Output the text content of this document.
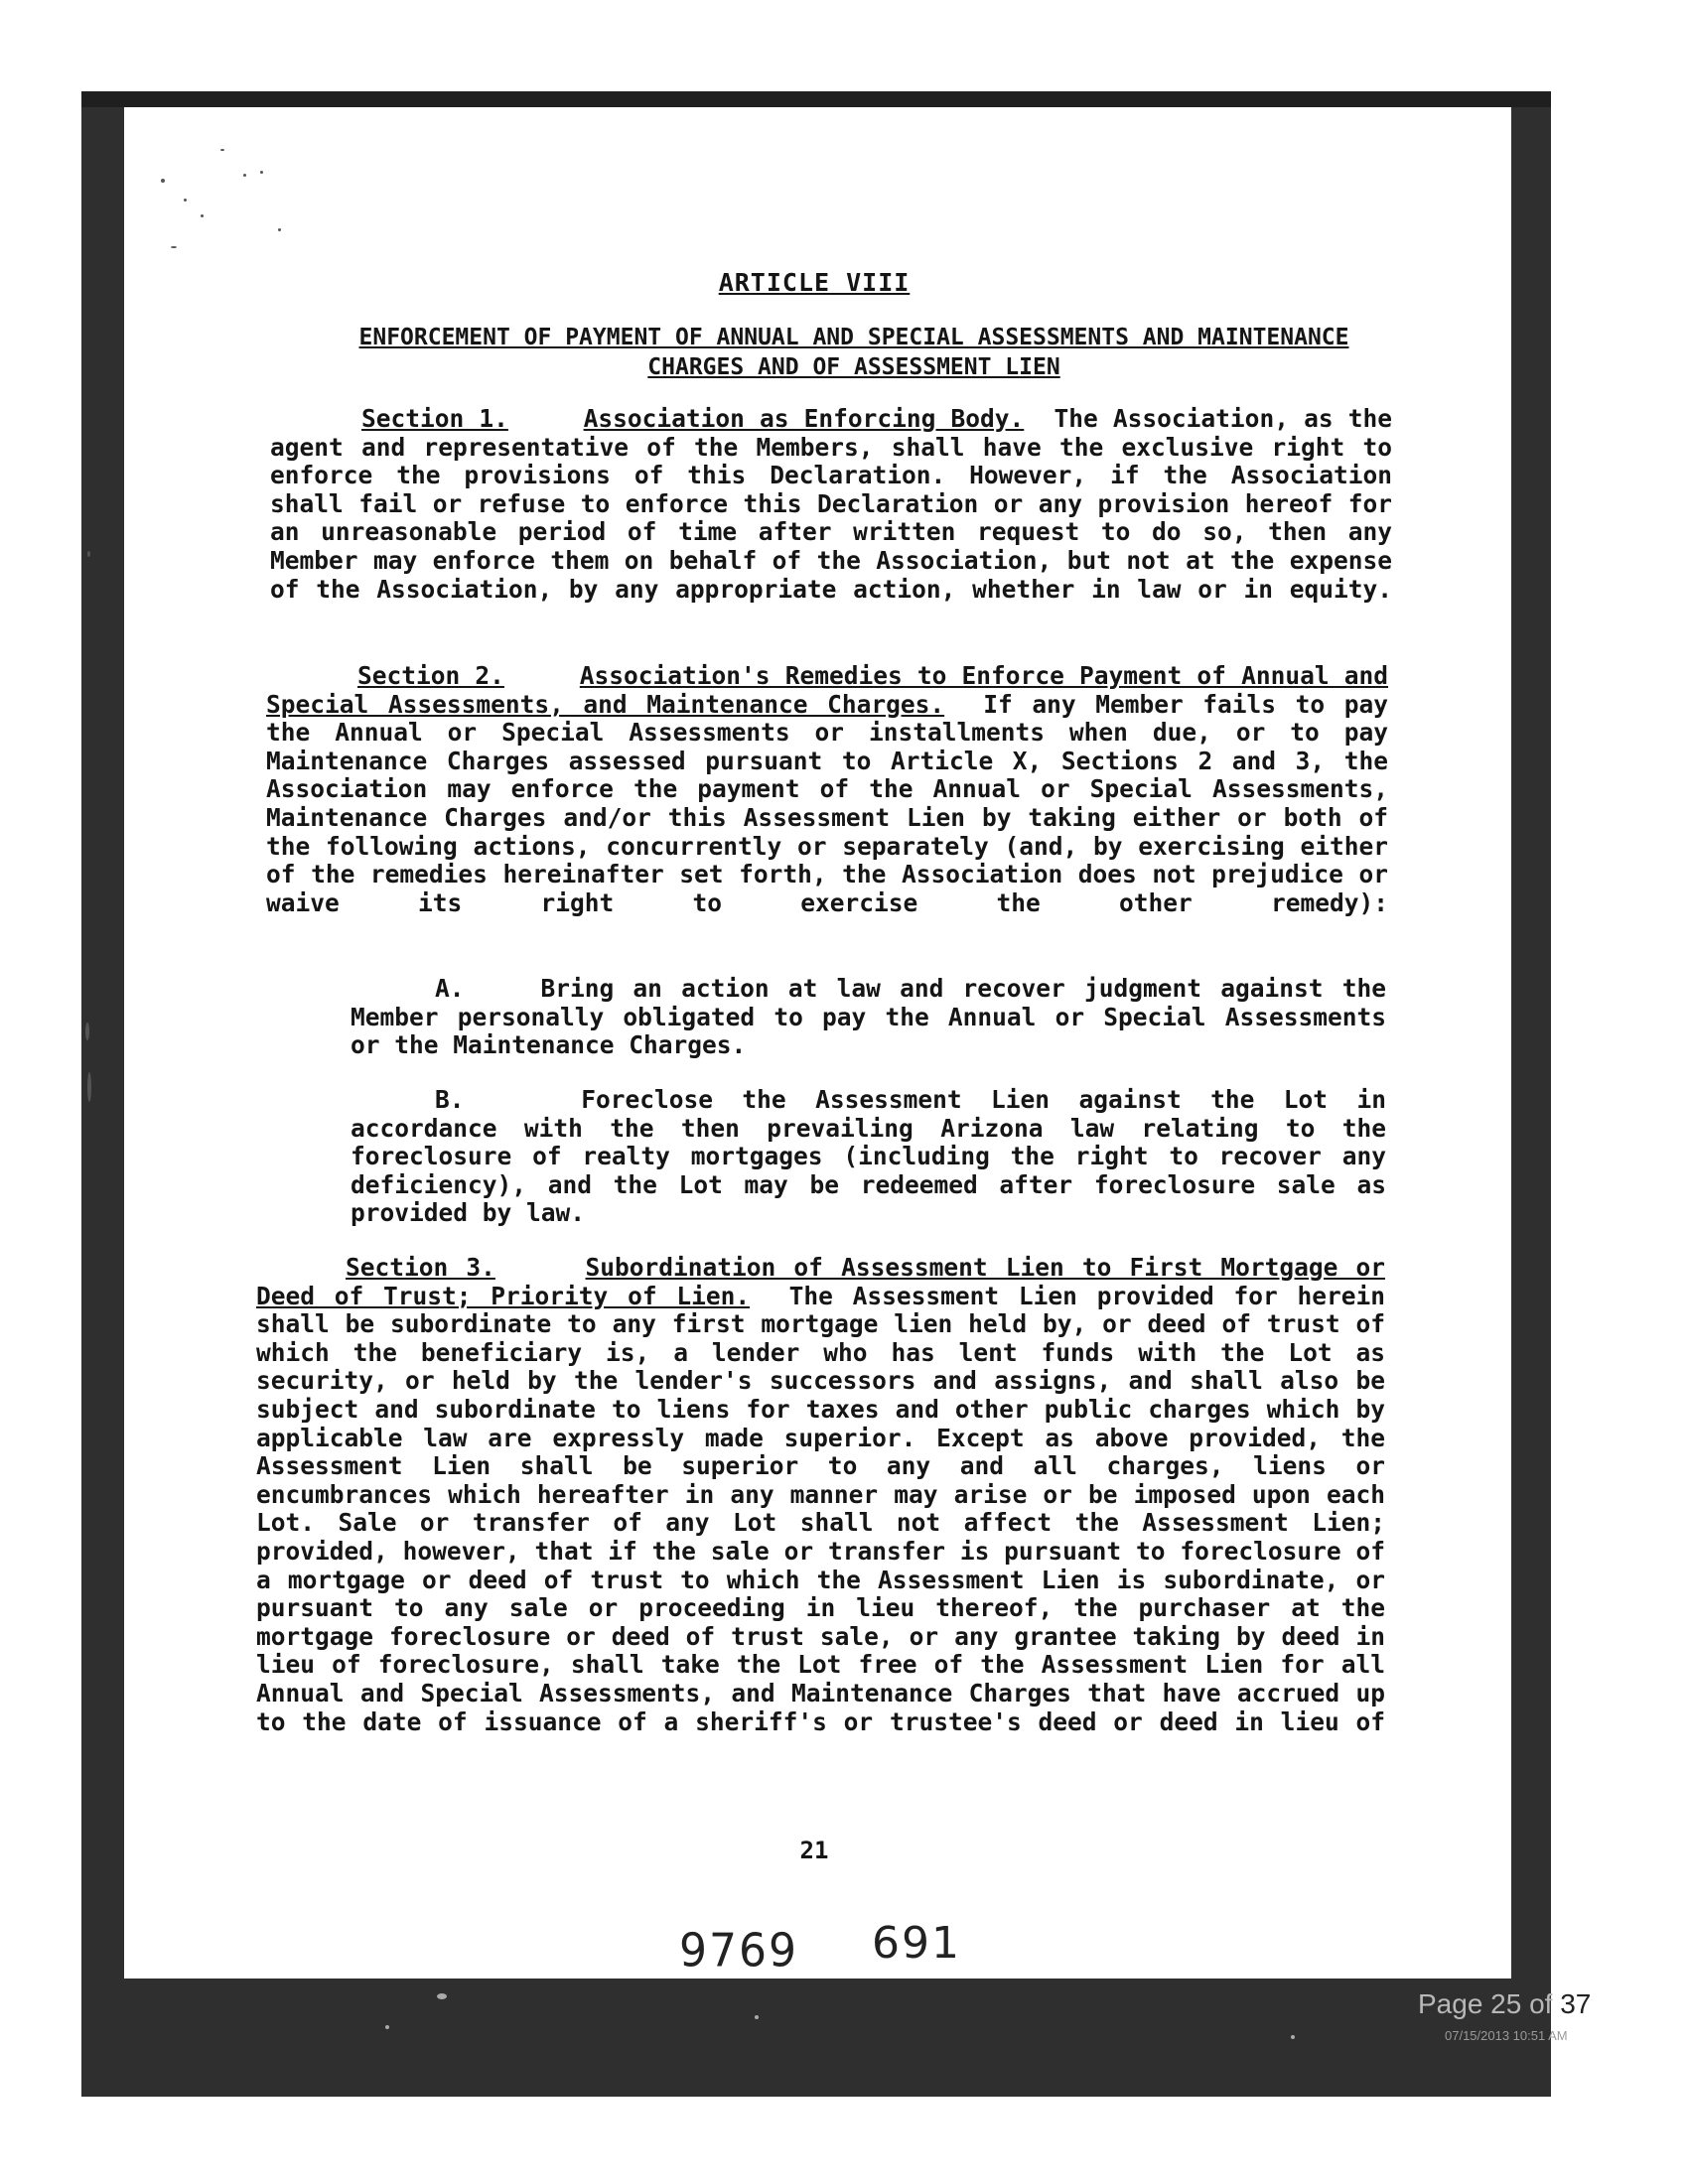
ARTICLE VIII
ENFORCEMENT OF PAYMENT OF ANNUAL AND SPECIAL ASSESSMENTS AND MAINTENANCE CHARGES AND OF ASSESSMENT LIEN
Section 1.	Association as Enforcing Body. The Association, as the agent and representative of the Members, shall have the exclusive right to enforce the provisions of this Declaration. However, if the Association shall fail or refuse to enforce this Declaration or any provision hereof for an unreasonable period of time after written request to do so, then any Member may enforce them on behalf of the Association, but not at the expense of the Association, by any appropriate action, whether in law or in equity.
Section 2.	Association's Remedies to Enforce Payment of Annual and Special Assessments, and Maintenance Charges. If any Member fails to pay the Annual or Special Assessments or installments when due, or to pay Maintenance Charges assessed pursuant to Article X, Sections 2 and 3, the Association may enforce the payment of the Annual or Special Assessments, Maintenance Charges and/or this Assessment Lien by taking either or both of the following actions, concurrently or separately (and, by exercising either of the remedies hereinafter set forth, the Association does not prejudice or waive its right to exercise the other remedy):
A.	Bring an action at law and recover judgment against the Member personally obligated to pay the Annual or Special Assessments or the Maintenance Charges.
B.	Foreclose the Assessment Lien against the Lot in accordance with the then prevailing Arizona law relating to the foreclosure of realty mortgages (including the right to recover any deficiency), and the Lot may be redeemed after foreclosure sale as provided by law.
Section 3.	Subordination of Assessment Lien to First Mortgage or Deed of Trust; Priority of Lien. The Assessment Lien provided for herein shall be subordinate to any first mortgage lien held by, or deed of trust of which the beneficiary is, a lender who has lent funds with the Lot as security, or held by the lender's successors and assigns, and shall also be subject and subordinate to liens for taxes and other public charges which by applicable law are expressly made superior. Except as above provided, the Assessment Lien shall be superior to any and all charges, liens or encumbrances which hereafter in any manner may arise or be imposed upon each Lot. Sale or transfer of any Lot shall not affect the Assessment Lien; provided, however, that if the sale or transfer is pursuant to foreclosure of a mortgage or deed of trust to which the Assessment Lien is subordinate, or pursuant to any sale or proceeding in lieu thereof, the purchaser at the mortgage foreclosure or deed of trust sale, or any grantee taking by deed in lieu of foreclosure, shall take the Lot free of the Assessment Lien for all Annual and Special Assessments, and Maintenance Charges that have accrued up to the date of issuance of a sheriff's or trustee's deed or deed in lieu of
21
9769 691
Page 25 of 37
07/15/2013 10:51 AM
